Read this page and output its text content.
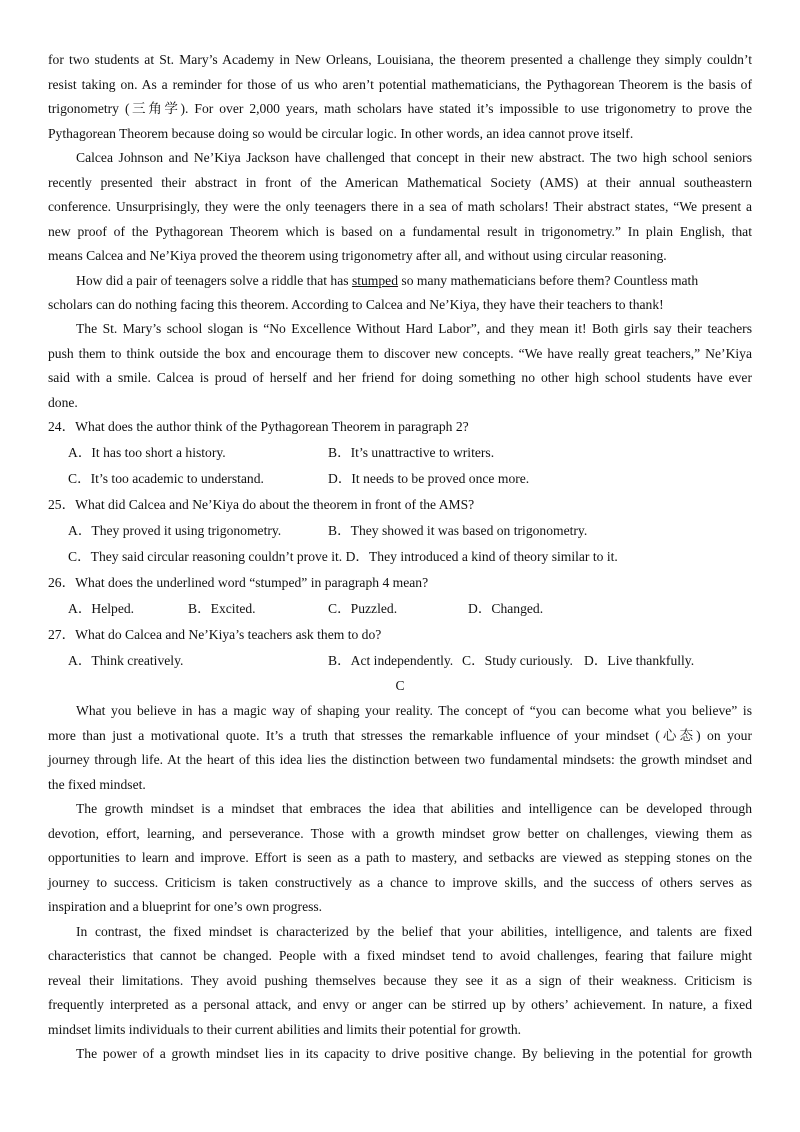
for two students at St. Mary’s Academy in New Orleans, Louisiana, the theorem presented a challenge they simply couldn’t
resist taking on. As a reminder for those of us who aren’t potential mathematicians, the Pythagorean Theorem is the basis of
trigonometry (三角学). For over 2,000 years, math scholars have stated it’s impossible to use trigonometry to prove the
Pythagorean Theorem because doing so would be circular logic. In other words, an idea cannot prove itself.
Calcea Johnson and Ne’Kiya Jackson have challenged that concept in their new abstract. The two high school seniors
recently presented their abstract in front of the American Mathematical Society (AMS) at their annual southeastern
conference. Unsurprisingly, they were the only teenagers there in a sea of math scholars! Their abstract states, “We present a
new proof of the Pythagorean Theorem which is based on a fundamental result in trigonometry.” In plain English, that
means Calcea and Ne’Kiya proved the theorem using trigonometry after all, and without using circular reasoning.
How did a pair of teenagers solve a riddle that has stumped so many mathematicians before them? Countless math
scholars can do nothing facing this theorem. According to Calcea and Ne’Kiya, they have their teachers to thank!
The St. Mary’s school slogan is “No Excellence Without Hard Labor”, and they mean it! Both girls say their teachers
push them to think outside the box and encourage them to discover new concepts. “We have really great teachers,” Ne’Kiya
said with a smile. Calcea is proud of herself and her friend for doing something no other high school students have ever
done.
24．What does the author think of the Pythagorean Theorem in paragraph 2?
A．It has too short a history.	B．It’s unattractive to writers.
C．It’s too academic to understand.	D．It needs to be proved once more.
25．What did Calcea and Ne’Kiya do about the theorem in front of the AMS?
A．They proved it using trigonometry.	B．They showed it was based on trigonometry.
C．They said circular reasoning couldn’t prove it. D．They introduced a kind of theory similar to it.
26．What does the underlined word “stumped” in paragraph 4 mean?
A．Helped.	B．Excited.	C．Puzzled.	D．Changed.
27．What do Calcea and Ne’Kiya’s teachers ask them to do?
A．Think creatively.	B．Act independently. C．Study curiously. D．Live thankfully.
C
What you believe in has a magic way of shaping your reality. The concept of “you can become what you believe” is
more than just a motivational quote. It’s a truth that stresses the remarkable influence of your mindset (心态) on your
journey through life. At the heart of this idea lies the distinction between two fundamental mindsets: the growth mindset and
the fixed mindset.
The growth mindset is a mindset that embraces the idea that abilities and intelligence can be developed through
devotion, effort, learning, and perseverance. Those with a growth mindset grow better on challenges, viewing them as
opportunities to learn and improve. Effort is seen as a path to mastery, and setbacks are viewed as stepping stones on the
journey to success. Criticism is taken constructively as a chance to improve skills, and the success of others serves as
inspiration and a blueprint for one’s own progress.
In contrast, the fixed mindset is characterized by the belief that your abilities, intelligence, and talents are fixed
characteristics that cannot be changed. People with a fixed mindset tend to avoid challenges, fearing that failure might
reveal their limitations. They avoid pushing themselves because they see it as a sign of their weakness. Criticism is
frequently interpreted as a personal attack, and envy or anger can be stirred up by others’ achievement. In nature, a fixed
mindset limits individuals to their current abilities and limits their potential for growth.
The power of a growth mindset lies in its capacity to drive positive change. By believing in the potential for growth
